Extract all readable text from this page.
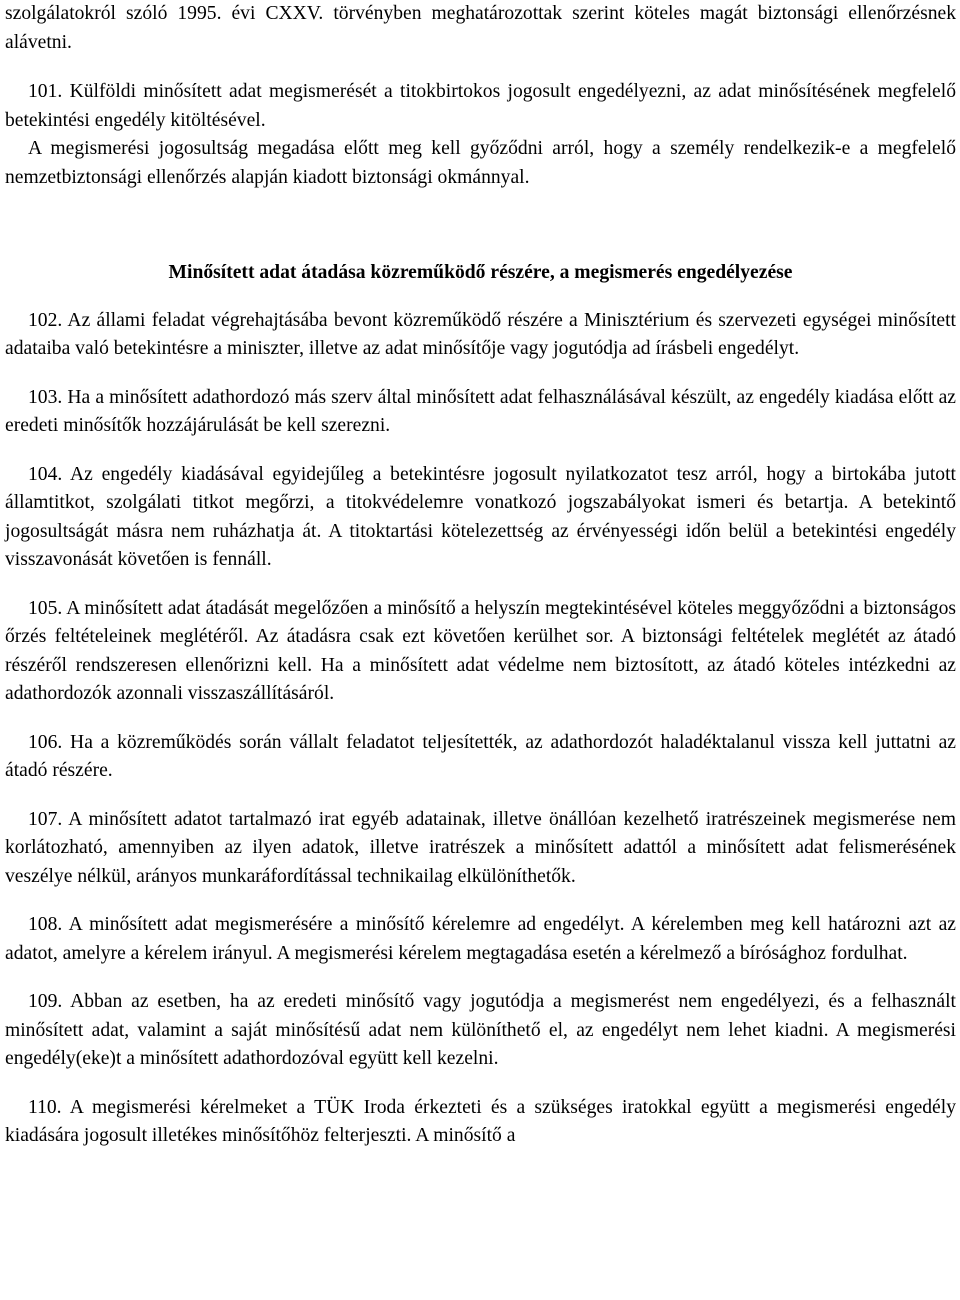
szolgálatokról szóló 1995. évi CXXV. törvényben meghatározottak szerint köteles magát biztonsági ellenőrzésnek alávetni.

101. Külföldi minősített adat megismerését a titokbirtokos jogosult engedélyezni, az adat minősítésének megfelelő betekintési engedély kitöltésével.

A megismerési jogosultság megadása előtt meg kell győződni arról, hogy a személy rendelkezik-e a megfelelő nemzetbiztonsági ellenőrzés alapján kiadott biztonsági okmánnyal.

Minősített adat átadása közreműködő részére, a megismerés engedélyezése

102. Az állami feladat végrehajtásába bevont közreműködő részére a Minisztérium és szervezeti egységei minősített adataiba való betekintésre a miniszter, illetve az adat minősítője vagy jogutódja ad írásbeli engedélyt.

103. Ha a minősített adathordozó más szerv által minősített adat felhasználásával készült, az engedély kiadása előtt az eredeti minősítők hozzájárulását be kell szerezni.

104. Az engedély kiadásával egyidejűleg a betekintésre jogosult nyilatkozatot tesz arról, hogy a birtokába jutott államtitkot, szolgálati titkot megőrzi, a titokvédelemre vonatkozó jogszabályokat ismeri és betartja. A betekintő jogosultságát másra nem ruházhatja át. A titoktartási kötelezettség az érvényességi időn belül a betekintési engedély visszavonását követően is fennáll.

105. A minősített adat átadását megelőzően a minősítő a helyszín megtekintésével köteles meggyőződni a biztonságos őrzés feltételeinek meglétéről. Az átadásra csak ezt követően kerülhet sor. A biztonsági feltételek meglétét az átadó részéről rendszeresen ellenőrizni kell. Ha a minősített adat védelme nem biztosított, az átadó köteles intézkedni az adathordozók azonnali visszaszállításáról.

106. Ha a közreműködés során vállalt feladatot teljesítették, az adathordozót haladéktalanul vissza kell juttatni az átadó részére.

107. A minősített adatot tartalmazó irat egyéb adatainak, illetve önállóan kezelhető iratrészeinek megismerése nem korlátozható, amennyiben az ilyen adatok, illetve iratrészek a minősített adattól a minősített adat felismerésének veszélye nélkül, arányos munkaráfordítással technikailag elkülöníthetők.

108. A minősített adat megismerésére a minősítő kérelemre ad engedélyt. A kérelemben meg kell határozni azt az adatot, amelyre a kérelem irányul. A megismerési kérelem megtagadása esetén a kérelmező a bírósághoz fordulhat.

109. Abban az esetben, ha az eredeti minősítő vagy jogutódja a megismerést nem engedélyezi, és a felhasznált minősített adat, valamint a saját minősítésű adat nem különíthető el, az engedélyt nem lehet kiadni. A megismerési engedély(eke)t a minősített adathordozóval együtt kell kezelni.

110. A megismerési kérelmeket a TÜK Iroda érkezteti és a szükséges iratokkal együtt a megismerési engedély kiadására jogosult illetékes minősítőhöz felterjeszti. A minősítő a
